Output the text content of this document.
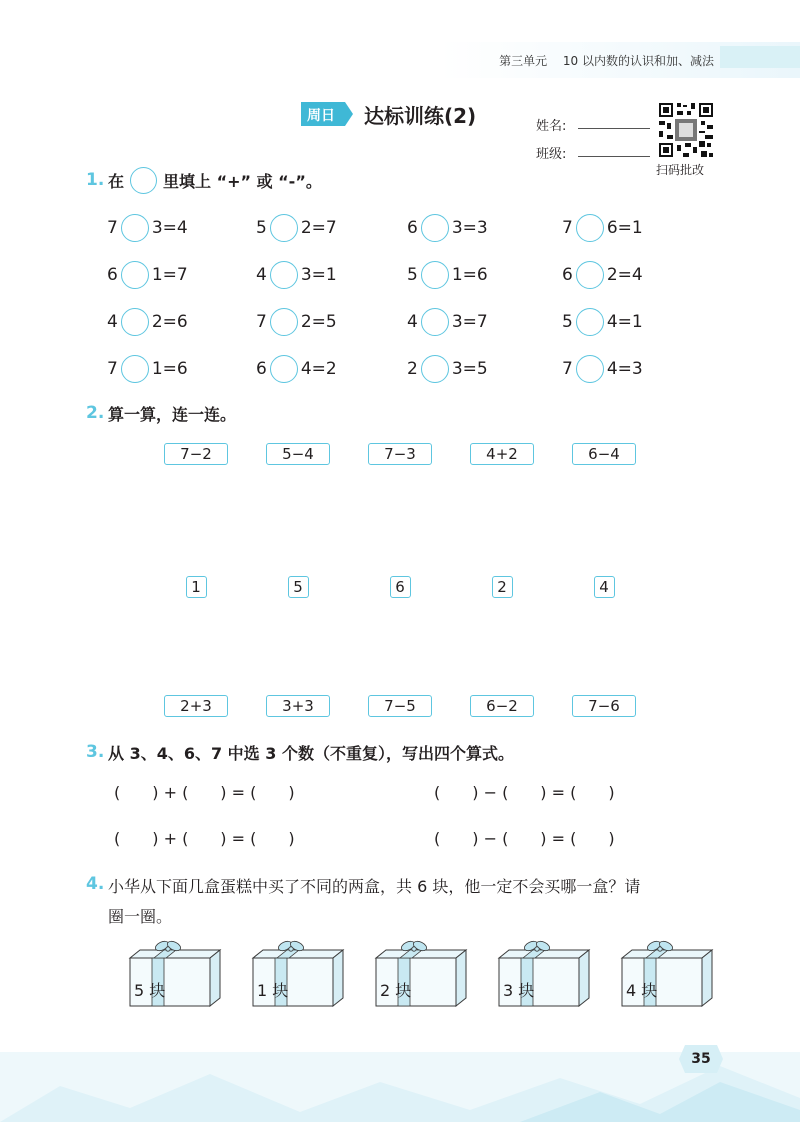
第三单元 10 以内数的认识和加、减法
周日 达标训练(2)	姓名:
班级:
扫码批改
1. 在 里填上 “+” 或 “-”。
7 3=4	5 2=7	6 3=3	7 6=1
6 1=7	4 3=1	5 1=6	6 2=4
4 2=6	7 2=5	4 3=7	5 4=1
7 1=6	6 4=2	2 3=5	7 4=3
2. 算一算，连一连。
7−2	5−4	7−3	4+2	6−4
1	5	6	2	4
2+3	3+3	7−5	6−2	7−6
3. 从 3、4、6、7 中选 3 个数（不重复），写出四个算式。
(　　) + (　　) = (　　)	(　　) − (　　) = (　　)
(　　) + (　　) = (　　)	(　　) − (　　) = (　　)
4. 小华从下面几盒蛋糕中买了不同的两盒，共 6 块，他一定不会买哪一盒？请
圈一圈。
5 块	1 块	2 块	3 块	4 块
35
